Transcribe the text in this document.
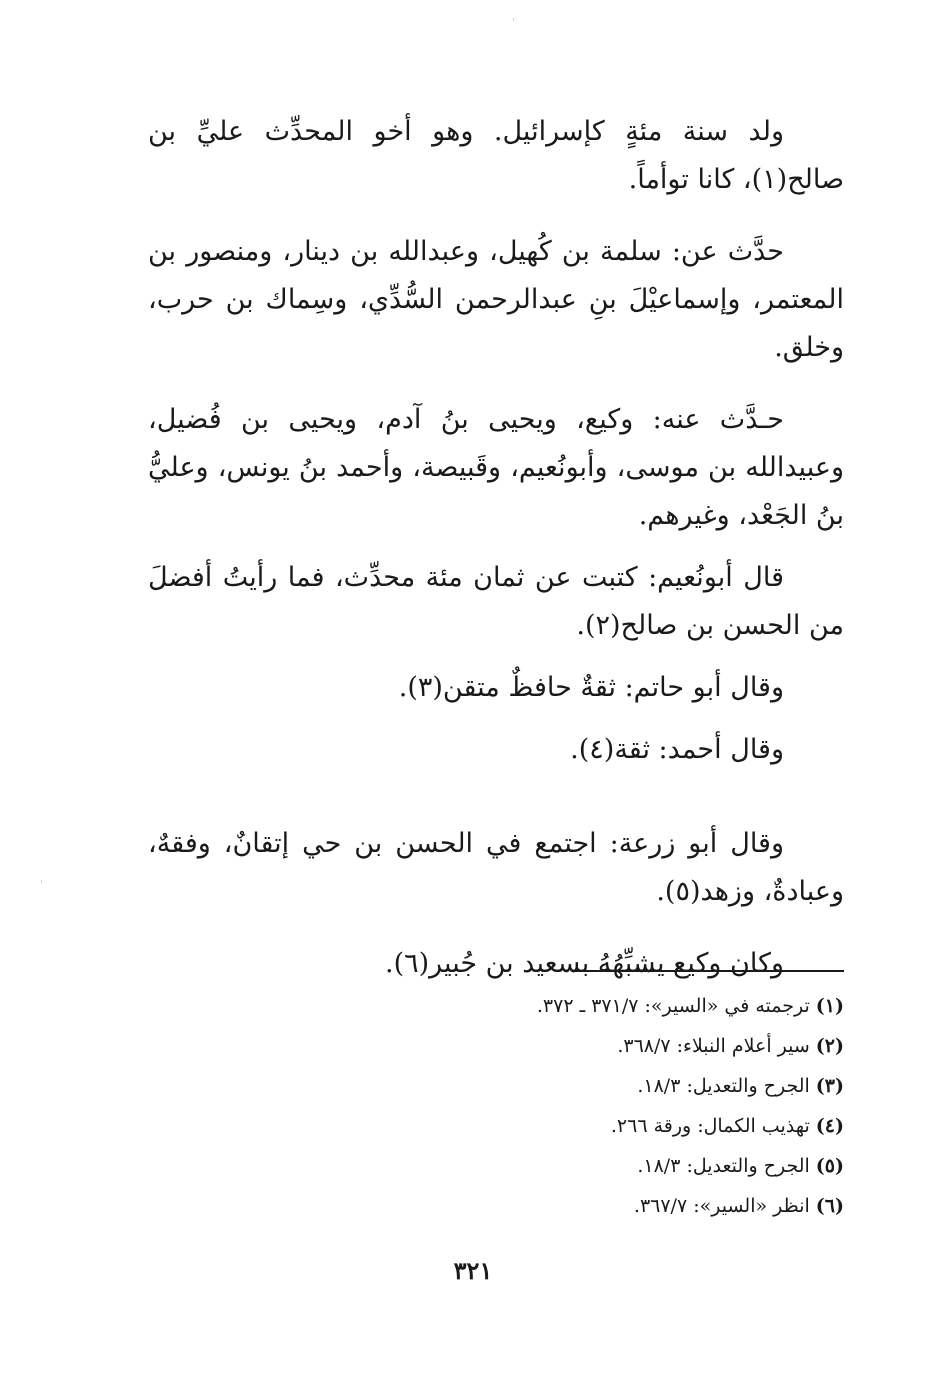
ˈ
ˈ

ولد سنة مئةٍ كإسرائيل. وهو أخو المحدِّث عليِّ بن صالح(١)، كانا توأماً.

حدَّث عن: سلمة بن كُهيل، وعبدالله بن دينار، ومنصور بن المعتمر، وإسماعيْلَ بنِ عبدالرحمن السُّدِّي، وسِماك بن حرب، وخلق.

حـدَّث عنه: وكيع، ويحيى بنُ آدم، ويحيى بن فُضيل، وعبيدالله بن موسى، وأبونُعيم، وقَبيصة، وأحمد بنُ يونس، وعليُّ بنُ الجَعْد، وغيرهم.

قال أبونُعيم: كتبت عن ثمان مئة محدِّث، فما رأيتُ أفضلَ من الحسن بن صالح(٢).

وقال أبو حاتم: ثقةٌ حافظٌ متقن(٣).

وقال أحمد: ثقة(٤).

وقال أبو زرعة: اجتمع في الحسن بن حي إتقانٌ، وفقهٌ، وعبادةٌ، وزهد(٥).

وكان وكيع يشبِّهُهُ بسعيد بن جُبير(٦).

(١)ترجمته في «السير»: ٣٧١/٧ ـ ٣٧٢.
(٢)سير أعلام النبلاء: ٣٦٨/٧.
(٣)الجرح والتعديل: ١٨/٣.
(٤)تهذيب الكمال: ورقة ٢٦٦.
(٥)الجرح والتعديل: ١٨/٣.
(٦)انظر «السير»: ٣٦٧/٧.
٣٢١
